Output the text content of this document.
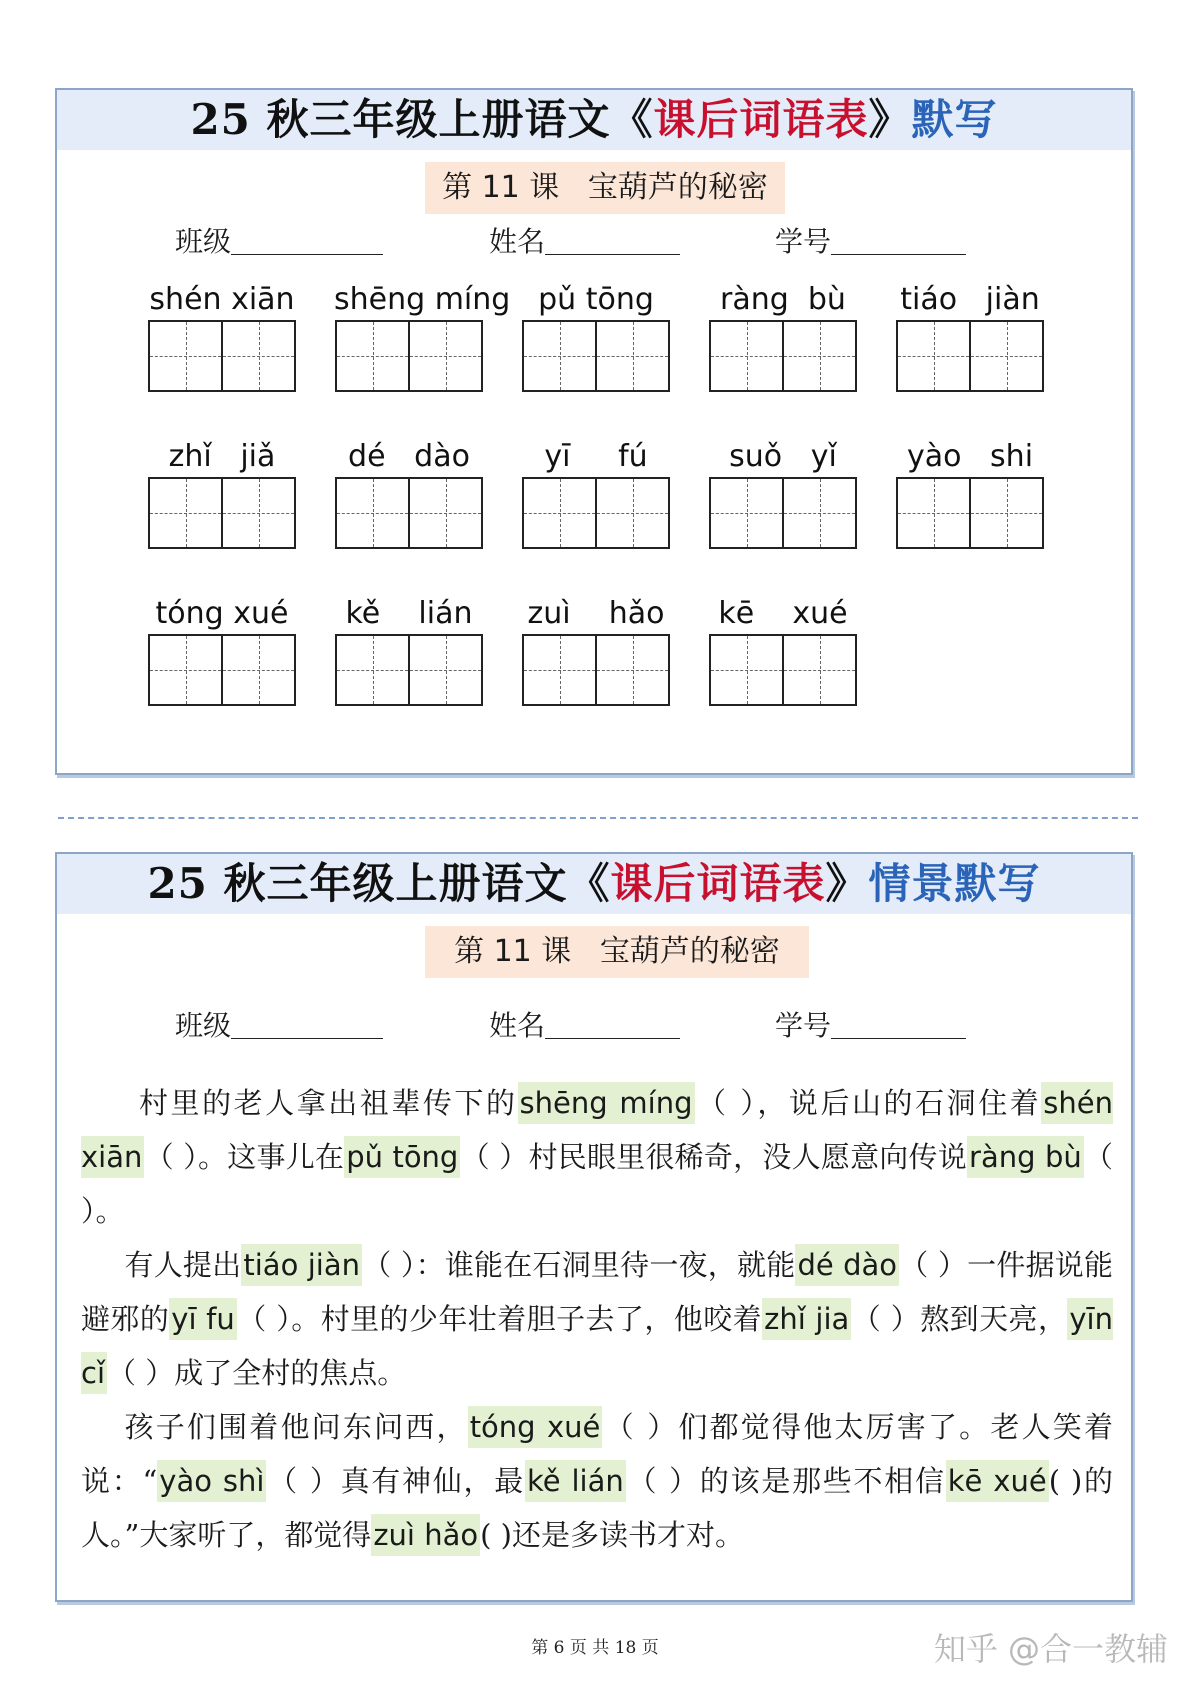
25 秋三年级上册语文《课后词语表》默写
第 11 课   宝葫芦的秘密
班级	姓名	学号
shén xiān shēng míng pǔ tōng	ràng  bù	tiáo   jiàn
zhǐ   jiǎ	dé   dào	yī     fú	suǒ   yǐ	yào   shi
tóng xué	kě    lián	zuì    hǎo	kē    xué
25 秋三年级上册语文《课后词语表》情景默写
第 11 课   宝葫芦的秘密
班级	姓名	学号

村里的老人拿出祖辈传下的shēng míng（ ），说后山的石洞住着shén xiān（ ）。这事儿在pǔ tōng（ ）村民眼里很稀奇，没人愿意向传说ràng bù（ ）。

有人提出tiáo jiàn（ ）：谁能在石洞里待一夜，就能dé dào（ ）一件据说能避邪的yī fu（ ）。村里的少年壮着胆子去了，他咬着zhǐ jia（ ）熬到天亮，yīn cǐ（ ）成了全村的焦点。

孩子们围着他问东问西，tóng xué（ ）们都觉得他太厉害了。老人笑着说：“yào shì（ ）真有神仙，最kě lián（ ）的该是那些不相信kē xué( )的人。”大家听了，都觉得zuì hǎo( )还是多读书才对。

第 6 页 共 18 页	知乎 @合一教辅
